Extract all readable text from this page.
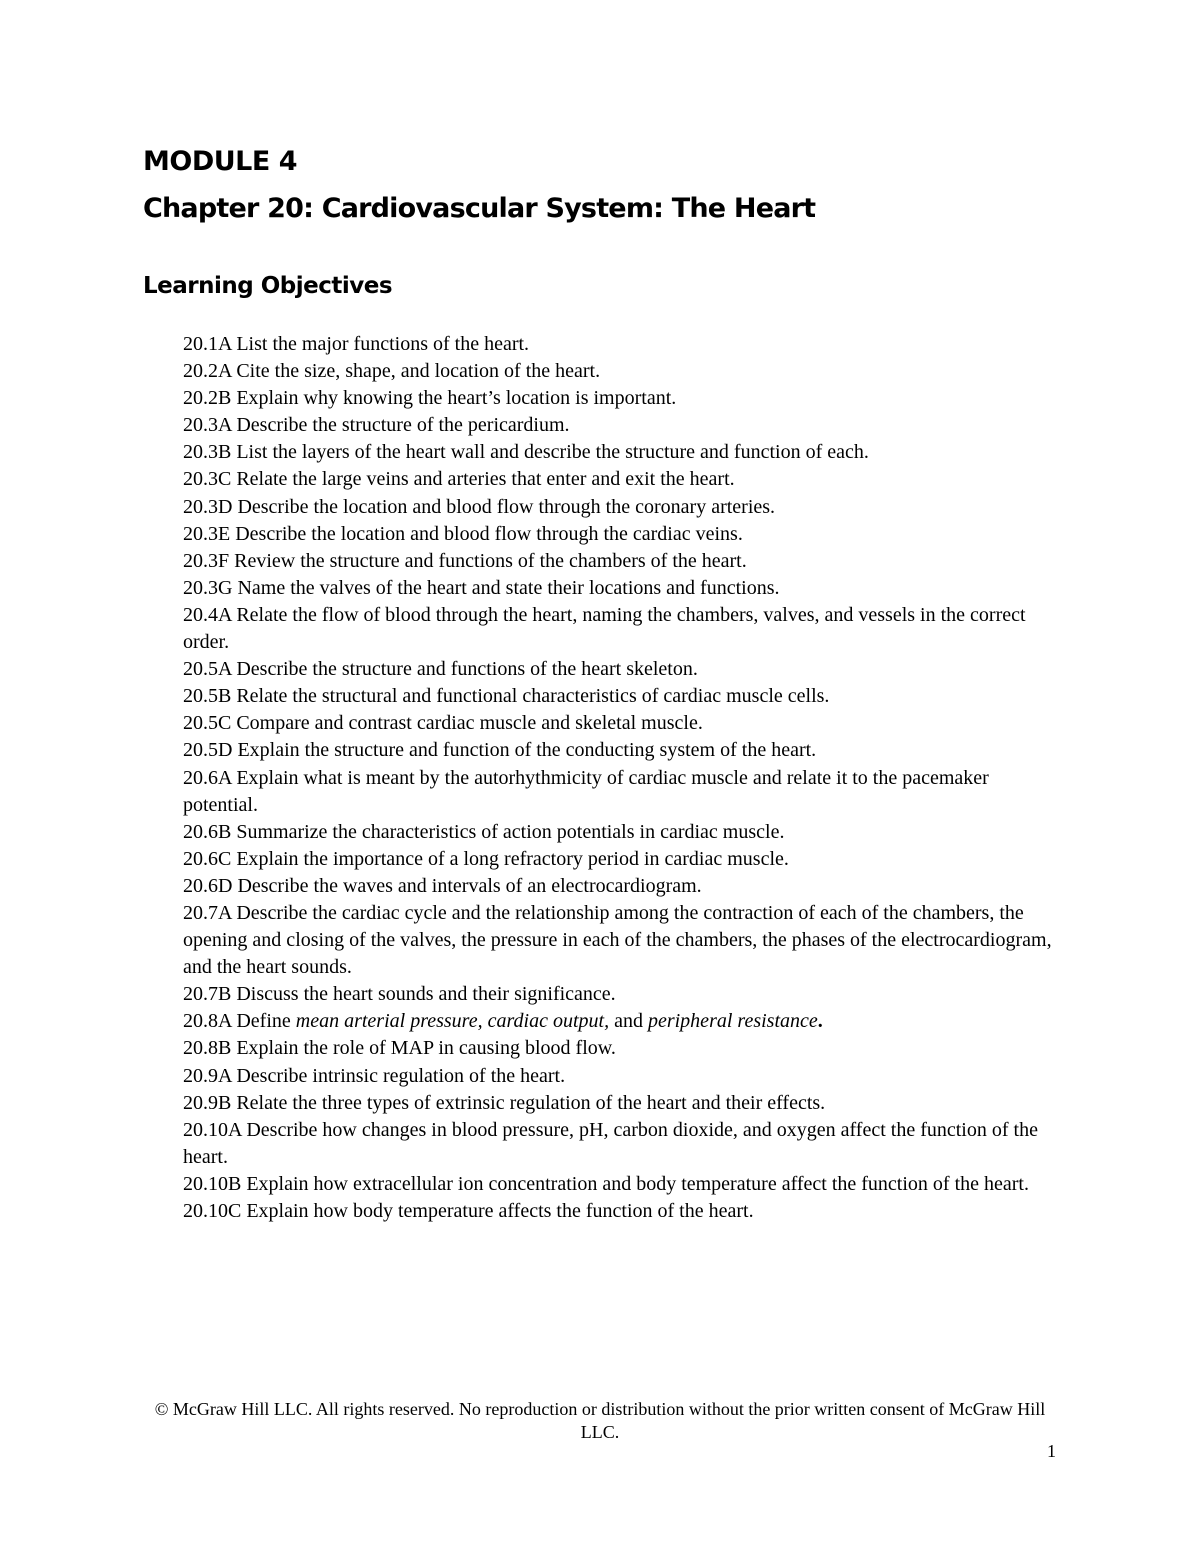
MODULE 4
Chapter 20: Cardiovascular System: The Heart
Learning Objectives
20.1A List the major functions of the heart.
20.2A Cite the size, shape, and location of the heart.
20.2B Explain why knowing the heart’s location is important.
20.3A Describe the structure of the pericardium.
20.3B List the layers of the heart wall and describe the structure and function of each.
20.3C Relate the large veins and arteries that enter and exit the heart.
20.3D Describe the location and blood flow through the coronary arteries.
20.3E Describe the location and blood flow through the cardiac veins.
20.3F Review the structure and functions of the chambers of the heart.
20.3G Name the valves of the heart and state their locations and functions.
20.4A Relate the flow of blood through the heart, naming the chambers, valves, and vessels in the correct order.
20.5A Describe the structure and functions of the heart skeleton.
20.5B Relate the structural and functional characteristics of cardiac muscle cells.
20.5C Compare and contrast cardiac muscle and skeletal muscle.
20.5D Explain the structure and function of the conducting system of the heart.
20.6A Explain what is meant by the autorhythmicity of cardiac muscle and relate it to the pacemaker potential.
20.6B Summarize the characteristics of action potentials in cardiac muscle.
20.6C Explain the importance of a long refractory period in cardiac muscle.
20.6D Describe the waves and intervals of an electrocardiogram.
20.7A Describe the cardiac cycle and the relationship among the contraction of each of the chambers, the opening and closing of the valves, the pressure in each of the chambers, the phases of the electrocardiogram, and the heart sounds.
20.7B Discuss the heart sounds and their significance.
20.8A Define mean arterial pressure, cardiac output, and peripheral resistance.
20.8B Explain the role of MAP in causing blood flow.
20.9A Describe intrinsic regulation of the heart.
20.9B Relate the three types of extrinsic regulation of the heart and their effects.
20.10A Describe how changes in blood pressure, pH, carbon dioxide, and oxygen affect the function of the heart.
20.10B Explain how extracellular ion concentration and body temperature affect the function of the heart.
20.10C Explain how body temperature affects the function of the heart.
© McGraw Hill LLC. All rights reserved. No reproduction or distribution without the prior written consent of McGraw Hill LLC.
1
